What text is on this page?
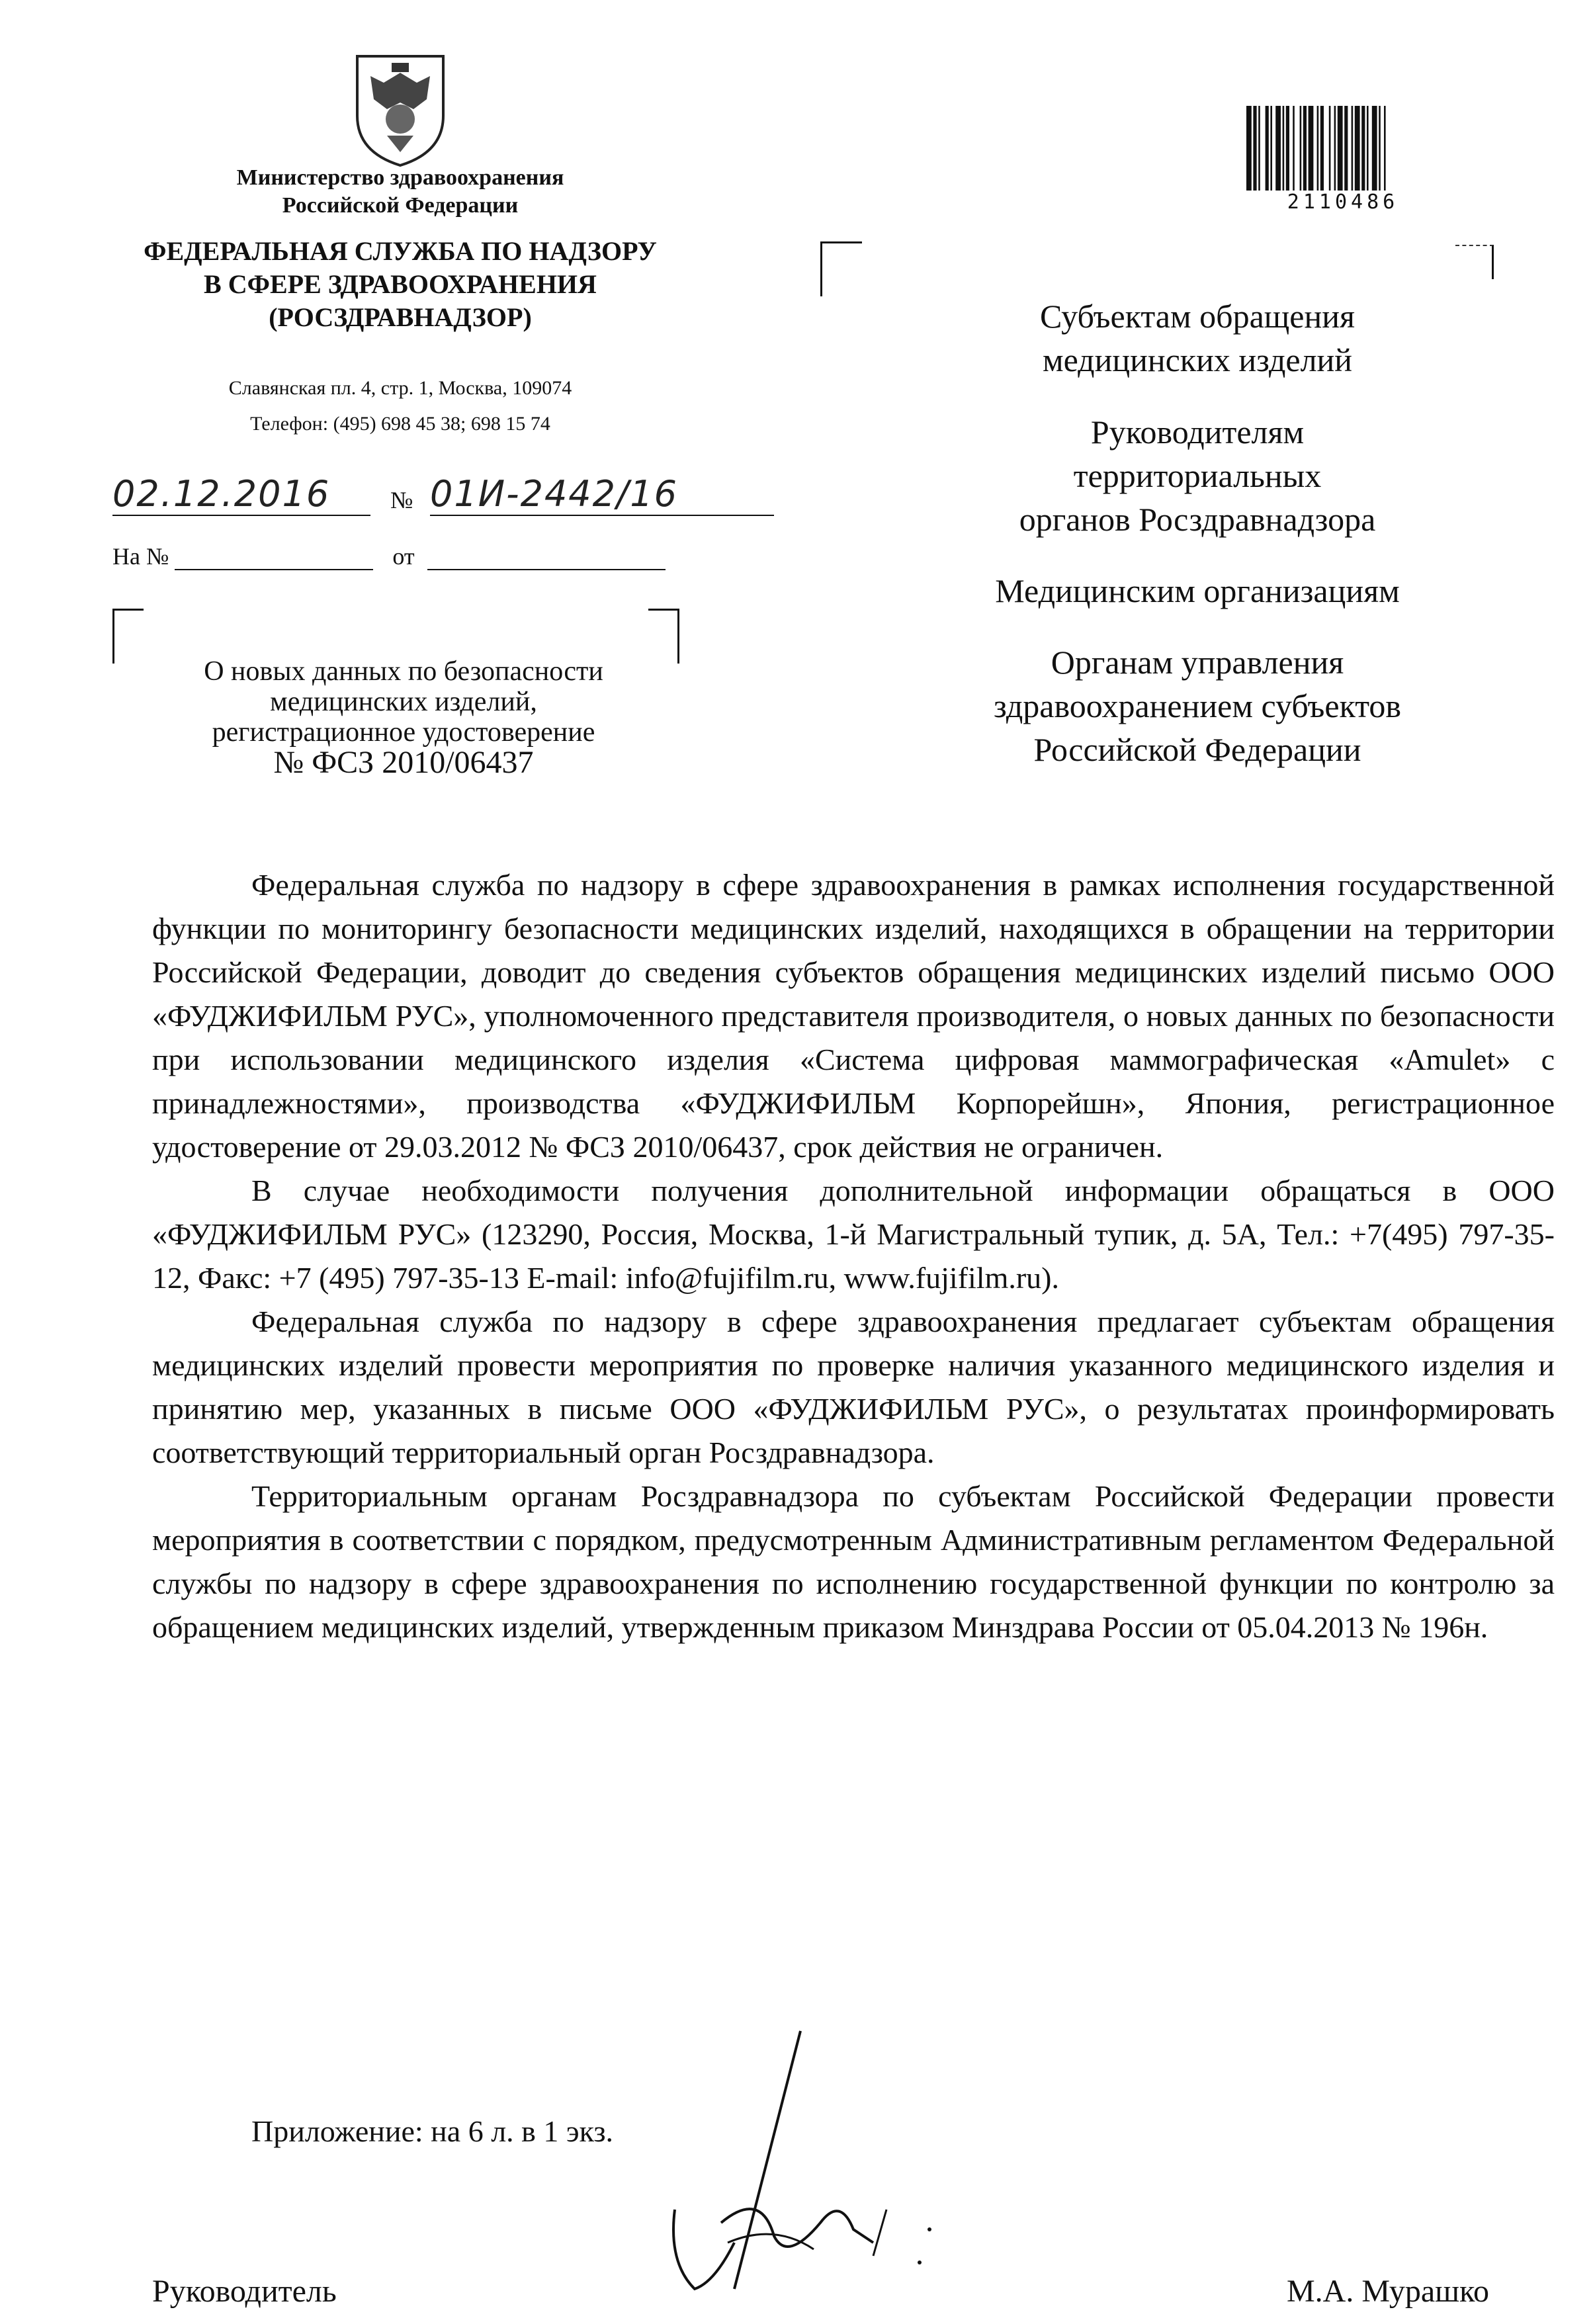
Министерство здравоохранения
Российской Федерации
ФЕДЕРАЛЬНАЯ СЛУЖБА ПО НАДЗОРУ
В СФЕРЕ ЗДРАВООХРАНЕНИЯ
(РОСЗДРАВНАДЗОР)
Славянская пл. 4, стр. 1, Москва, 109074
Телефон: (495) 698 45 38; 698 15 74
02.12.2016	№ 01И-2442/16
На №	от
О новых данных по безопасности
медицинских изделий,
регистрационное удостоверение
№ ФСЗ 2010/06437
2110486
Субъектам обращения
медицинских изделий
Руководителям
территориальных
органов Росздравнадзора
Медицинским организациям
Органам управления
здравоохранением субъектов
Российской Федерации

Федеральная служба по надзору в сфере здравоохранения в рамках исполнения государственной функции по мониторингу безопасности медицинских изделий, находящихся в обращении на территории Российской Федерации, доводит до сведения субъектов обращения медицинских изделий письмо ООО «ФУДЖИФИЛЬМ РУС», уполномоченного представителя производителя, о новых данных по безопасности при использовании медицинского изделия «Система цифровая маммографическая «Amulet» с принадлежностями», производства «ФУДЖИФИЛЬМ Корпорейшн», Япония, регистрационное удостоверение от 29.03.2012 № ФСЗ 2010/06437, срок действия не ограничен.

В случае необходимости получения дополнительной информации обращаться в ООО «ФУДЖИФИЛЬМ РУС» (123290, Россия, Москва, 1-й Магистральный тупик, д. 5А, Тел.: +7(495) 797-35-12, Факс: +7 (495) 797-35-13 E-mail: info@fujifilm.ru, www.fujifilm.ru).

Федеральная служба по надзору в сфере здравоохранения предлагает субъектам обращения медицинских изделий провести мероприятия по проверке наличия указанного медицинского изделия и принятию мер, указанных в письме ООО «ФУДЖИФИЛЬМ РУС», о результатах проинформировать соответствующий территориальный орган Росздравнадзора.

Территориальным органам Росздравнадзора по субъектам Российской Федерации провести мероприятия в соответствии с порядком, предусмотренным Административным регламентом Федеральной службы по надзору в сфере здравоохранения по исполнению государственной функции по контролю за обращением медицинских изделий, утвержденным приказом Минздрава России от 05.04.2013 № 196н.

Приложение: на 6 л. в 1 экз.
Руководитель	М.А. Мурашко
